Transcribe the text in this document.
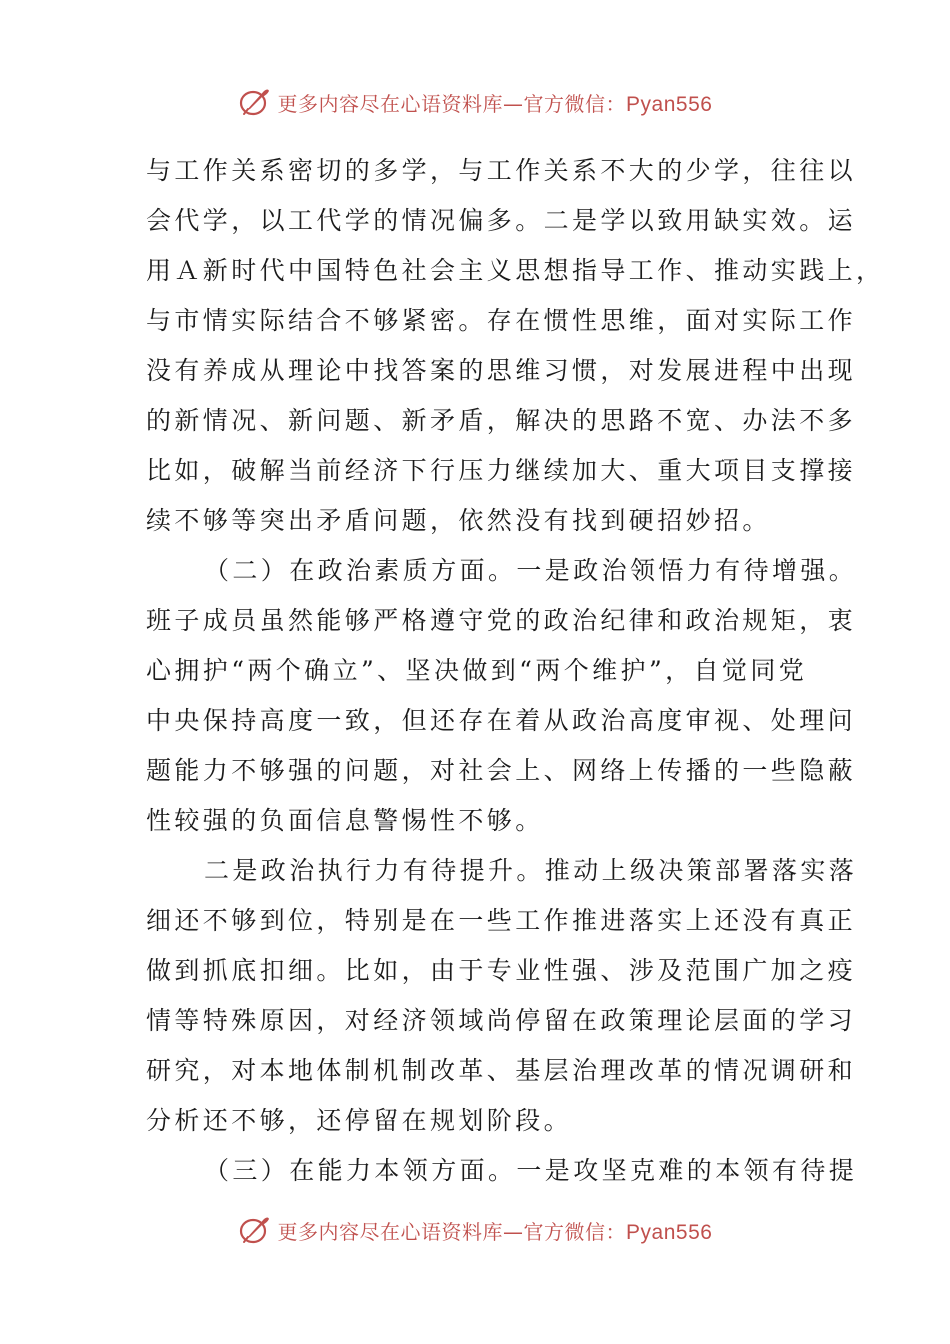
更多内容尽在心语资料库—官方微信：Pyan556
与工作关系密切的多学，与工作关系不大的少学，往往以
会代学，以工代学的情况偏多。二是学以致用缺实效。运
用Ａ新时代中国特色社会主义思想指导工作、推动实践上，
与市情实际结合不够紧密。存在惯性思维，面对实际工作
没有养成从理论中找答案的思维习惯，对发展进程中出现
的新情况、新问题、新矛盾，解决的思路不宽、办法不多
比如，破解当前经济下行压力继续加大、重大项目支撑接
续不够等突出矛盾问题，依然没有找到硬招妙招。
（二）在政治素质方面。一是政治领悟力有待增强。
班子成员虽然能够严格遵守党的政治纪律和政治规矩，衷
心拥护“两个确立”、坚决做到“两个维护”，自觉同党
中央保持高度一致，但还存在着从政治高度审视、处理问
题能力不够强的问题，对社会上、网络上传播的一些隐蔽
性较强的负面信息警惕性不够。
二是政治执行力有待提升。推动上级决策部署落实落
细还不够到位，特别是在一些工作推进落实上还没有真正
做到抓底扣细。比如，由于专业性强、涉及范围广加之疫
情等特殊原因，对经济领域尚停留在政策理论层面的学习
研究，对本地体制机制改革、基层治理改革的情况调研和
分析还不够，还停留在规划阶段。
（三）在能力本领方面。一是攻坚克难的本领有待提
更多内容尽在心语资料库—官方微信：Pyan556
